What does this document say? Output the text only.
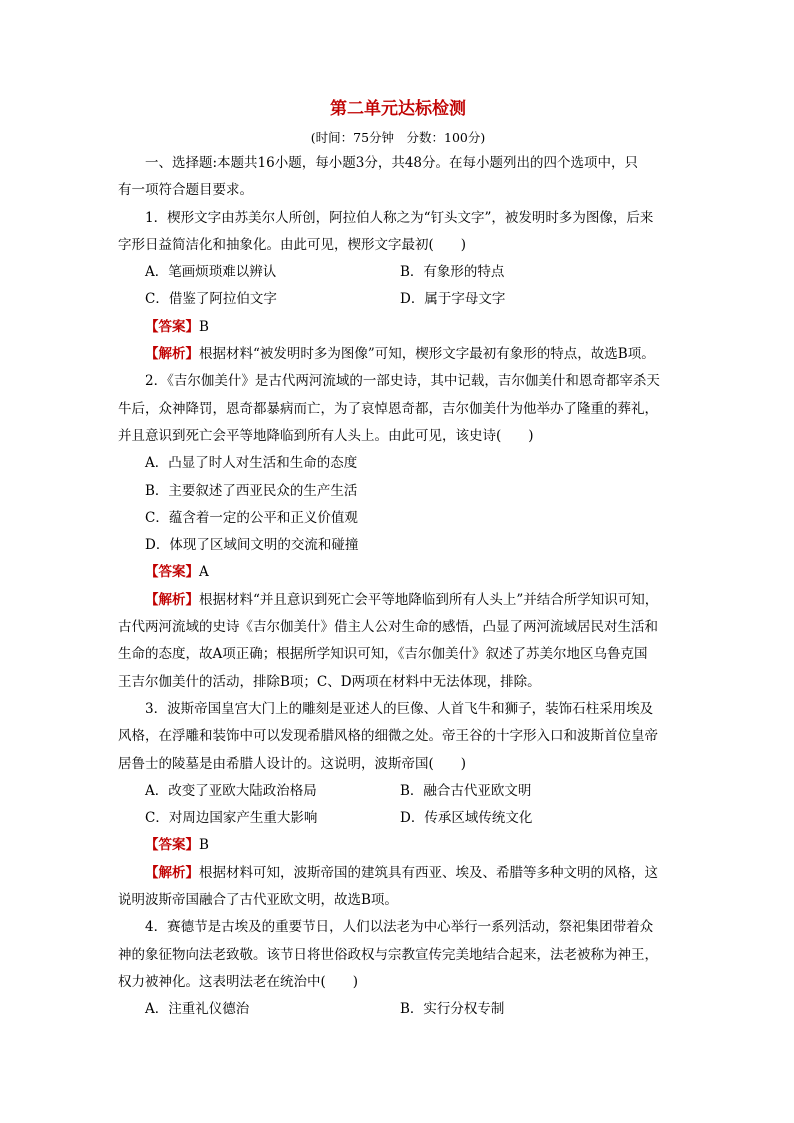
第二单元达标检测
(时间：75分钟　分数：100分)
一、选择题:本题共16小题，每小题3分，共48分。在每小题列出的四个选项中，只
有一项符合题目要求。
1．楔形文字由苏美尔人所创，阿拉伯人称之为“钉头文字”，被发明时多为图像，后来
字形日益简洁化和抽象化。由此可见，楔形文字最初(　　)
A．笔画烦琐难以辨认	B．有象形的特点
C．借鉴了阿拉伯文字	D．属于字母文字
【答案】B
【解析】根据材料“被发明时多为图像”可知，楔形文字最初有象形的特点，故选B项。
2．《吉尔伽美什》是古代两河流域的一部史诗，其中记载，吉尔伽美什和恩奇都宰杀天
牛后，众神降罚，恩奇都暴病而亡，为了哀悼恩奇都，吉尔伽美什为他举办了隆重的葬礼，
并且意识到死亡会平等地降临到所有人头上。由此可见，该史诗(　　)
A．凸显了时人对生活和生命的态度
B．主要叙述了西亚民众的生产生活
C．蕴含着一定的公平和正义价值观
D．体现了区域间文明的交流和碰撞
【答案】A
【解析】根据材料“并且意识到死亡会平等地降临到所有人头上”并结合所学知识可知，
古代两河流域的史诗《吉尔伽美什》借主人公对生命的感悟，凸显了两河流域居民对生活和
生命的态度，故A项正确；根据所学知识可知，《吉尔伽美什》叙述了苏美尔地区乌鲁克国
王吉尔伽美什的活动，排除B项；C、D两项在材料中无法体现，排除。
3．波斯帝国皇宫大门上的雕刻是亚述人的巨像、人首飞牛和狮子，装饰石柱采用埃及
风格，在浮雕和装饰中可以发现希腊风格的细微之处。帝王谷的十字形入口和波斯首位皇帝
居鲁士的陵墓是由希腊人设计的。这说明，波斯帝国(　　)
A．改变了亚欧大陆政治格局	B．融合古代亚欧文明
C．对周边国家产生重大影响	D．传承区域传统文化
【答案】B
【解析】根据材料可知，波斯帝国的建筑具有西亚、埃及、希腊等多种文明的风格，这
说明波斯帝国融合了古代亚欧文明，故选B项。
4．赛德节是古埃及的重要节日，人们以法老为中心举行一系列活动，祭祀集团带着众
神的象征物向法老致敬。该节日将世俗政权与宗教宣传完美地结合起来，法老被称为神王，
权力被神化。这表明法老在统治中(　　)
A．注重礼仪德治	B．实行分权专制
